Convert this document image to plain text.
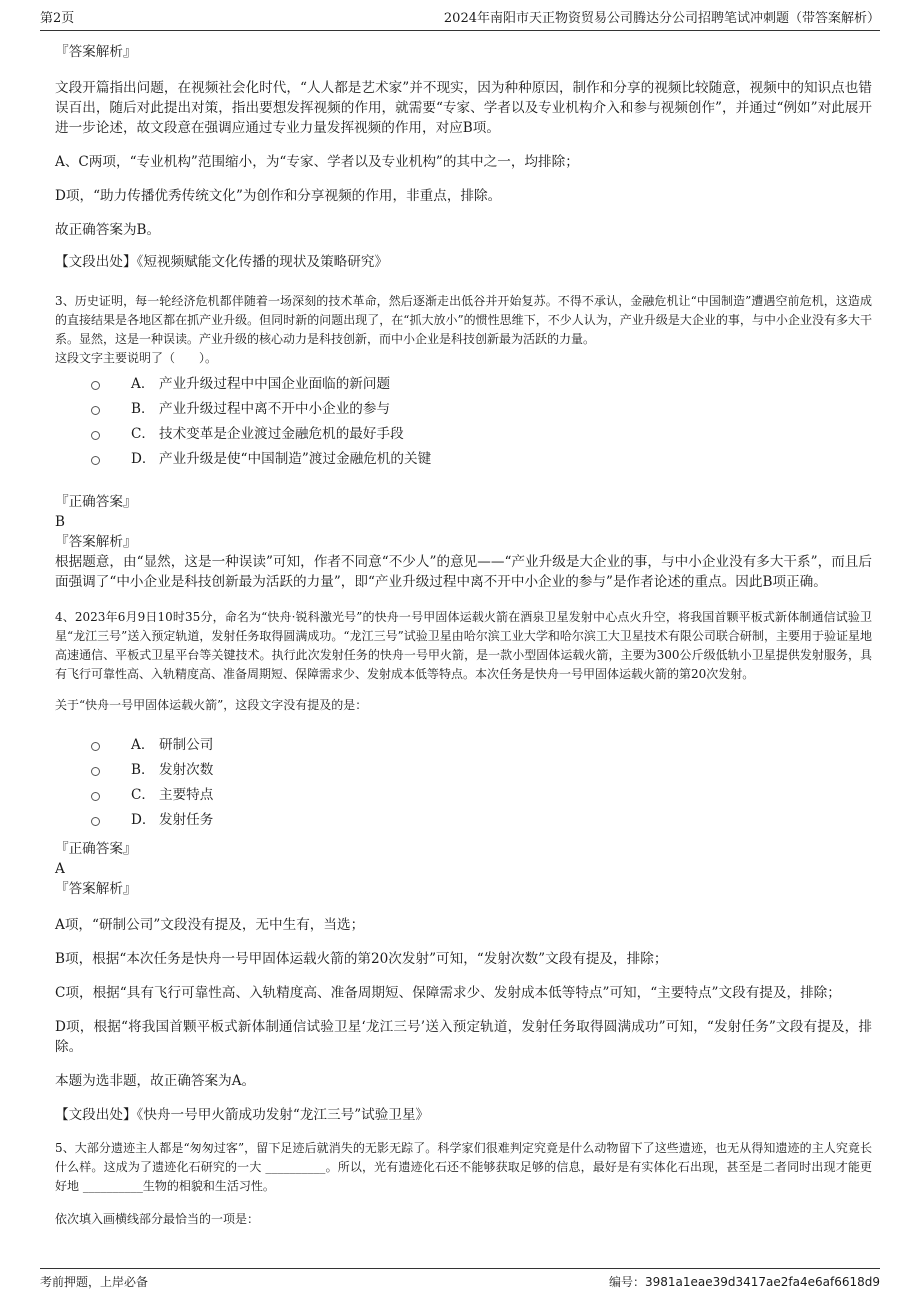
第2页	2024年南阳市天正物资贸易公司腾达分公司招聘笔试冲刺题（带答案解析）

『答案解析』

文段开篇指出问题，在视频社会化时代，“人人都是艺术家”并不现实，因为种种原因，制作和分享的视频比较随意，视频中的知识点也错误百出，随后对此提出对策，指出要想发挥视频的作用，就需要“专家、学者以及专业机构介入和参与视频创作”，并通过“例如”对此展开进一步论述，故文段意在强调应通过专业力量发挥视频的作用，对应B项。

A、C两项，“专业机构”范围缩小，为“专家、学者以及专业机构”的其中之一，均排除；

D项，“助力传播优秀传统文化”为创作和分享视频的作用，非重点，排除。

故正确答案为B。

【文段出处】《短视频赋能文化传播的现状及策略研究》

3、历史证明，每一轮经济危机都伴随着一场深刻的技术革命，然后逐渐走出低谷并开始复苏。不得不承认，金融危机让“中国制造”遭遇空前危机，这造成的直接结果是各地区都在抓产业升级。但同时新的问题出现了，在“抓大放小”的惯性思维下，不少人认为，产业升级是大企业的事，与中小企业没有多大干系。显然，这是一种误读。产业升级的核心动力是科技创新，而中小企业是科技创新最为活跃的力量。

这段文字主要说明了（　　）。

A． 产业升级过程中中国企业面临的新问题
B． 产业升级过程中离不开中小企业的参与
C． 技术变革是企业渡过金融危机的最好手段
D． 产业升级是使“中国制造”渡过金融危机的关键

『正确答案』

B

『答案解析』

根据题意，由“显然，这是一种误读”可知，作者不同意“不少人”的意见——“产业升级是大企业的事，与中小企业没有多大干系”，而且后面强调了“中小企业是科技创新最为活跃的力量”，即“产业升级过程中离不开中小企业的参与”是作者论述的重点。因此B项正确。

4、2023年6月9日10时35分，命名为“快舟·锐科激光号”的快舟一号甲固体运载火箭在酒泉卫星发射中心点火升空，将我国首颗平板式新体制通信试验卫星“龙江三号”送入预定轨道，发射任务取得圆满成功。“龙江三号”试验卫星由哈尔滨工业大学和哈尔滨工大卫星技术有限公司联合研制，主要用于验证星地高速通信、平板式卫星平台等关键技术。执行此次发射任务的快舟一号甲火箭，是一款小型固体运载火箭，主要为300公斤级低轨小卫星提供发射服务，具有飞行可靠性高、入轨精度高、准备周期短、保障需求少、发射成本低等特点。本次任务是快舟一号甲固体运载火箭的第20次发射。

关于“快舟一号甲固体运载火箭”，这段文字没有提及的是：

A． 研制公司
B． 发射次数
C． 主要特点
D． 发射任务

『正确答案』

A

『答案解析』

A项，“研制公司”文段没有提及，无中生有，当选；

B项，根据“本次任务是快舟一号甲固体运载火箭的第20次发射”可知，“发射次数”文段有提及，排除；

C项，根据“具有飞行可靠性高、入轨精度高、准备周期短、保障需求少、发射成本低等特点”可知，“主要特点”文段有提及，排除；

D项，根据“将我国首颗平板式新体制通信试验卫星‘龙江三号’送入预定轨道，发射任务取得圆满成功”可知，“发射任务”文段有提及，排除。

本题为选非题，故正确答案为A。

【文段出处】《快舟一号甲火箭成功发射“龙江三号”试验卫星》

5、大部分遗迹主人都是“匆匆过客”，留下足迹后就消失的无影无踪了。科学家们很难判定究竟是什么动物留下了这些遗迹，也无从得知遗迹的主人究竟长什么样。这成为了遗迹化石研究的一大 __________。所以，光有遗迹化石还不能够获取足够的信息，最好是有实体化石出现，甚至是二者同时出现才能更好地 __________生物的相貌和生活习性。

依次填入画横线部分最恰当的一项是：

考前押题，上岸必备	编号：3981a1eae39d3417ae2fa4e6af6618d9
